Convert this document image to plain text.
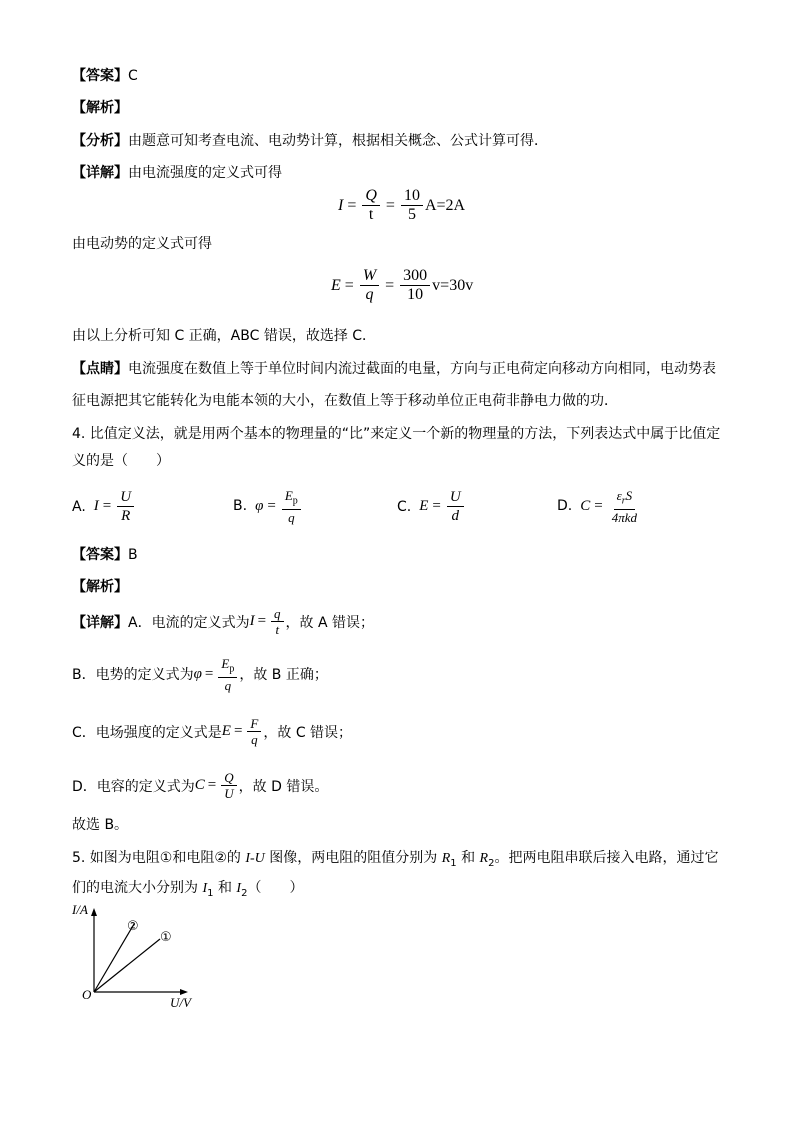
【答案】C
【解析】
【分析】由题意可知考查电流、电动势计算，根据相关概念、公式计算可得．
【详解】由电流强度的定义式可得
$I = \frac{Q}{t} = \frac{10}{5} A=2A$
由电动势的定义式可得
$E = \frac{W}{q} = \frac{300}{10} v=30v$
由以上分析可知 C 正确，ABC 错误，故选择 C．
【点睛】电流强度在数值上等于单位时间内流过截面的电量，方向与正电荷定向移动方向相同，电动势表
征电源把其它能转化为电能本领的大小，在数值上等于移动单位正电荷非静电力做的功．
4. 比值定义法，就是用两个基本的物理量的“比”来定义一个新的物理量的方法，下列表达式中属于比值定
义的是（　　）
A. $I = \frac{U}{R}$	B. $\varphi = \frac{E_p}{q}$	C. $E = \frac{U}{d}$	D. $C = \frac{\varepsilon_rS}{\text{4πkd}}$
【答案】B
【解析】
【详解】 A．电流的定义式为 $I = \frac{q}{t}$ ，故 A 错误；
B．电势的定义式为 $\varphi = \frac{E_p}{q}$ ，故 B 正确；
C．电场强度的定义式是 $E = \frac{F}{q}$ ，故 C 错误；
D．电容的定义式为 $C = \frac{Q}{U}$ ，故 D 错误。
故选 B。
5. 如图为电阻①和电阻②的 I-U 图像，两电阻的阻值分别为 $R_1$ 和 $R_2$。把两电阻串联后接入电路，通过它
们的电流大小分别为 $I_1$ 和 $I_2$（　　）
I/A
U/V
O
①
②
